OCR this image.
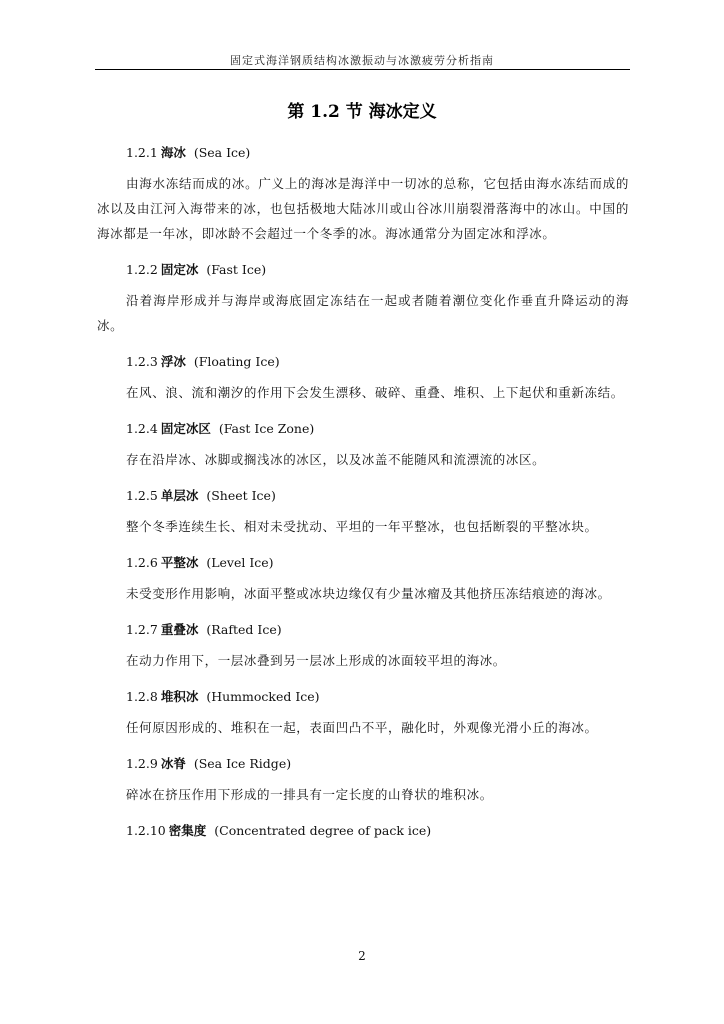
固定式海洋钢质结构冰激振动与冰激疲劳分析指南
第 1.2 节 海冰定义

1.2.1 海冰 (Sea Ice)

由海水冻结而成的冰。广义上的海冰是海洋中一切冰的总称，它包括由海水冻结而成的冰以及由江河入海带来的冰，也包括极地大陆冰川或山谷冰川崩裂滑落海中的冰山。中国的海冰都是一年冰，即冰龄不会超过一个冬季的冰。海冰通常分为固定冰和浮冰。

1.2.2 固定冰 (Fast Ice)

沿着海岸形成并与海岸或海底固定冻结在一起或者随着潮位变化作垂直升降运动的海冰。

1.2.3 浮冰 (Floating Ice)

在风、浪、流和潮汐的作用下会发生漂移、破碎、重叠、堆积、上下起伏和重新冻结。

1.2.4 固定冰区 (Fast Ice Zone)

存在沿岸冰、冰脚或搁浅冰的冰区，以及冰盖不能随风和流漂流的冰区。

1.2.5 单层冰 (Sheet Ice)

整个冬季连续生长、相对未受扰动、平坦的一年平整冰，也包括断裂的平整冰块。

1.2.6 平整冰 (Level Ice)

未受变形作用影响，冰面平整或冰块边缘仅有少量冰瘤及其他挤压冻结痕迹的海冰。

1.2.7 重叠冰 (Rafted Ice)

在动力作用下，一层冰叠到另一层冰上形成的冰面较平坦的海冰。

1.2.8 堆积冰 (Hummocked Ice)

任何原因形成的、堆积在一起，表面凹凸不平，融化时，外观像光滑小丘的海冰。

1.2.9 冰脊 (Sea Ice Ridge)

碎冰在挤压作用下形成的一排具有一定长度的山脊状的堆积冰。

1.2.10 密集度 (Concentrated degree of pack ice)

2
